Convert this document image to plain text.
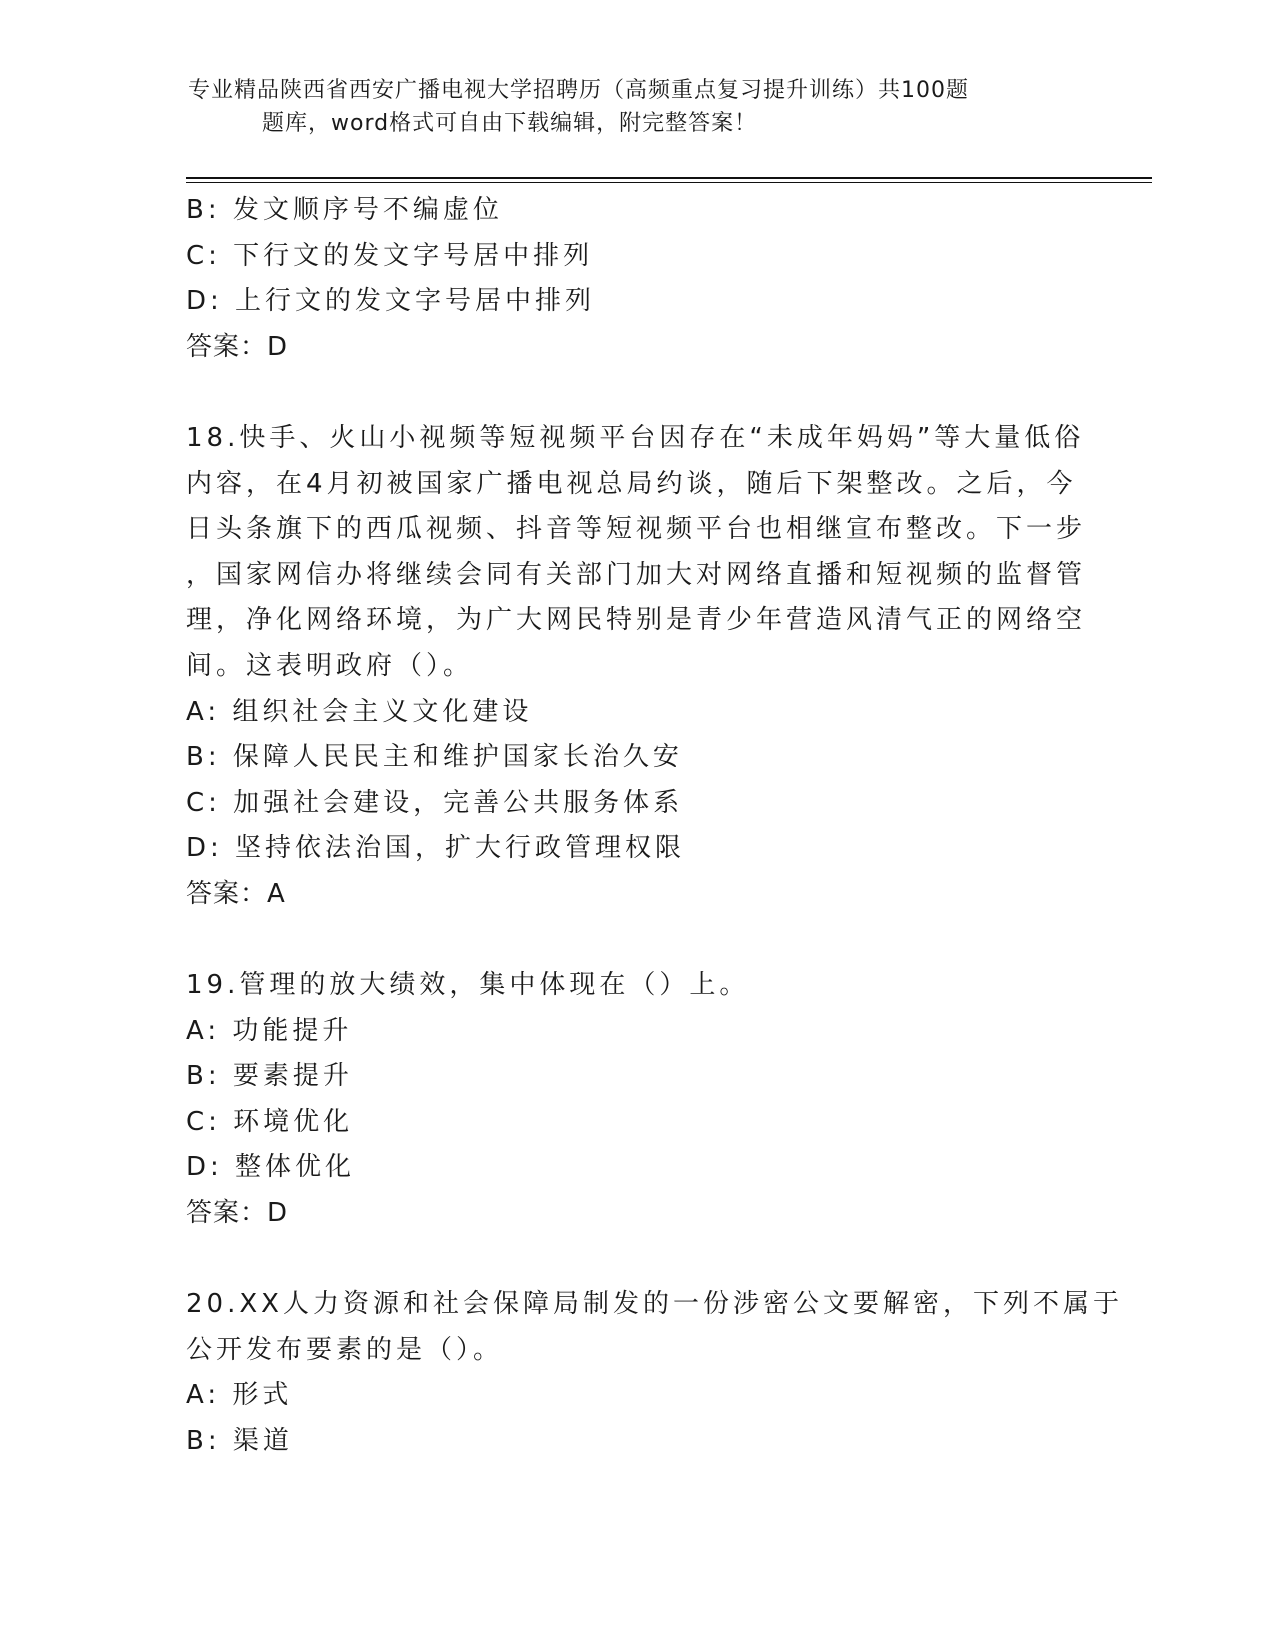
专业精品陕西省西安广播电视大学招聘历（高频重点复习提升训练）共100题
题库，word格式可自由下载编辑，附完整答案！
B: 发文顺序号不编虚位
C: 下行文的发文字号居中排列
D: 上行文的发文字号居中排列
答案：D
18.快手、火山小视频等短视频平台因存在“未成年妈妈”等大量低俗
内容，在4月初被国家广播电视总局约谈，随后下架整改。之后，今
日头条旗下的西瓜视频、抖音等短视频平台也相继宣布整改。下一步
，国家网信办将继续会同有关部门加大对网络直播和短视频的监督管
理，净化网络环境，为广大网民特别是青少年营造风清气正的网络空
间。这表明政府（）。
A: 组织社会主义文化建设
B: 保障人民民主和维护国家长治久安
C: 加强社会建设，完善公共服务体系
D: 坚持依法治国，扩大行政管理权限
答案：A
19.管理的放大绩效，集中体现在（）上。
A: 功能提升
B: 要素提升
C: 环境优化
D: 整体优化
答案：D
20.XX人力资源和社会保障局制发的一份涉密公文要解密，下列不属于
公开发布要素的是（）。
A: 形式
B: 渠道
